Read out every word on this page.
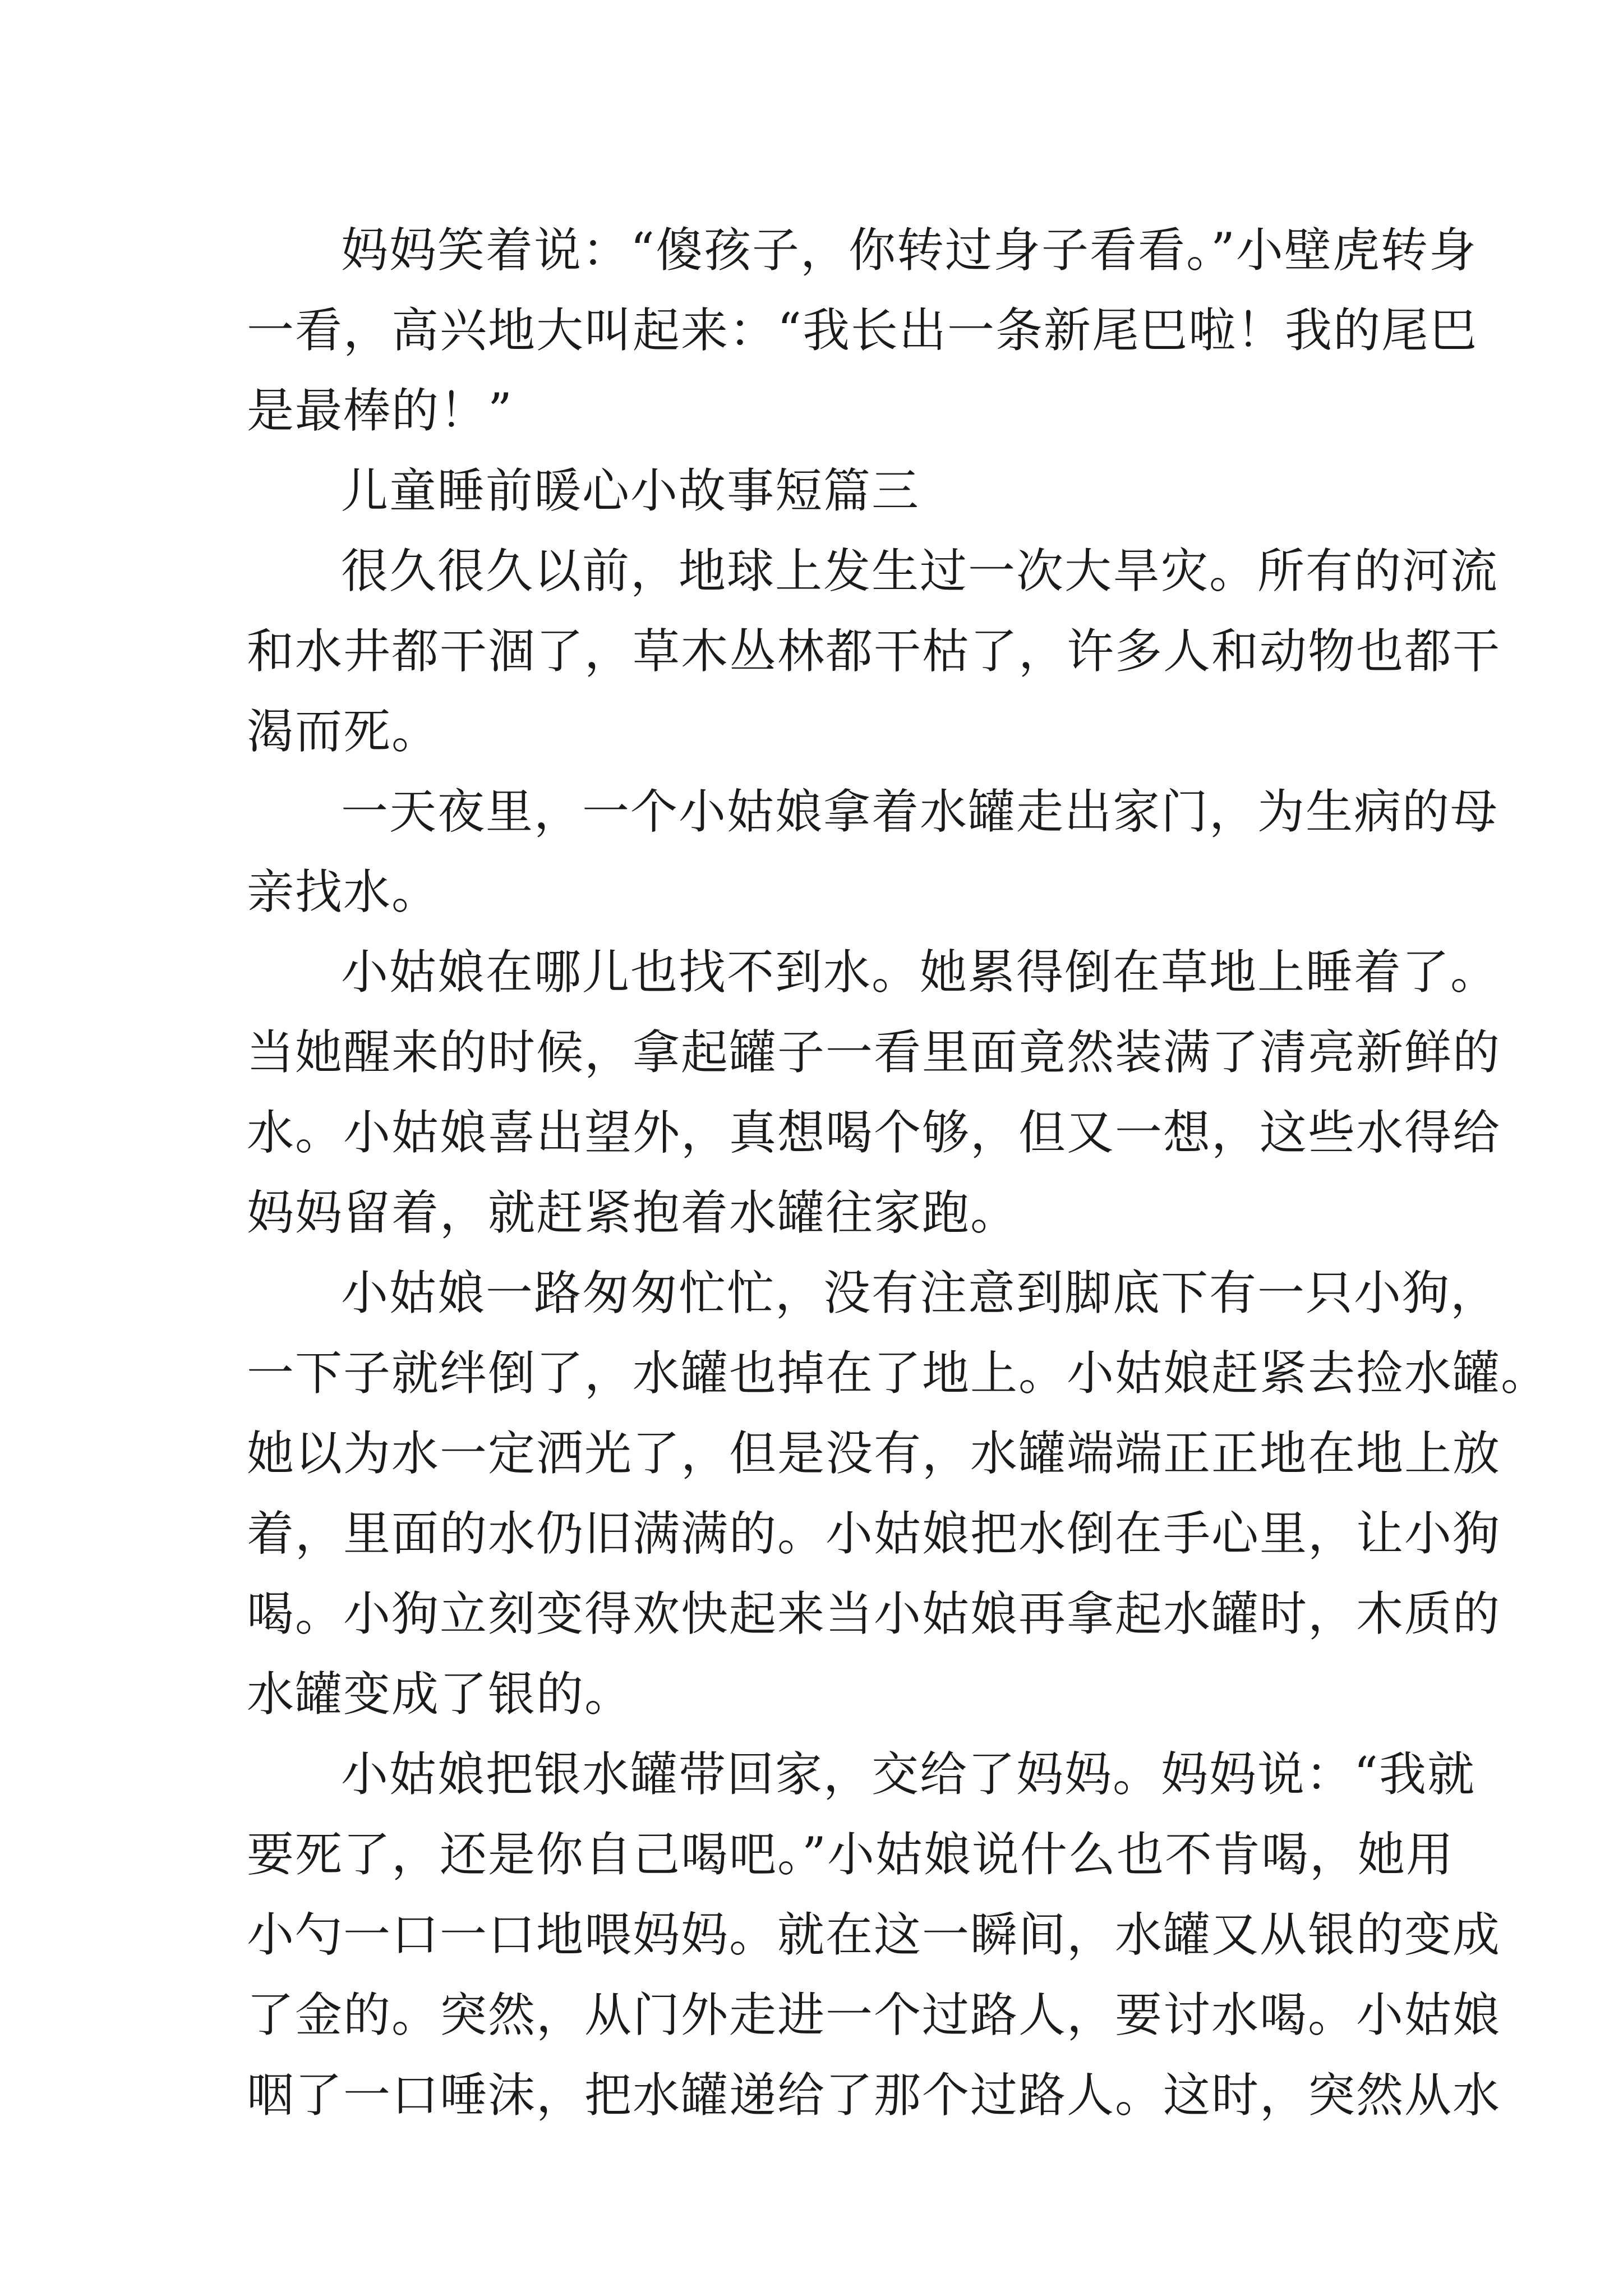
妈妈笑着说：“傻孩子，你转过身子看看。”小壁虎转身
一看，高兴地大叫起来：“我长出一条新尾巴啦！我的尾巴
是最棒的！”
儿童睡前暖心小故事短篇三
很久很久以前，地球上发生过一次大旱灾。所有的河流
和水井都干涸了，草木丛林都干枯了，许多人和动物也都干
渴而死。
一天夜里，一个小姑娘拿着水罐走出家门，为生病的母
亲找水。
小姑娘在哪儿也找不到水。她累得倒在草地上睡着了。
当她醒来的时候，拿起罐子一看里面竟然装满了清亮新鲜的
水。小姑娘喜出望外，真想喝个够，但又一想，这些水得给
妈妈留着，就赶紧抱着水罐往家跑。
小姑娘一路匆匆忙忙，没有注意到脚底下有一只小狗，
一下子就绊倒了，水罐也掉在了地上。小姑娘赶紧去捡水罐。
她以为水一定洒光了，但是没有，水罐端端正正地在地上放
着，里面的水仍旧满满的。小姑娘把水倒在手心里，让小狗
喝。小狗立刻变得欢快起来当小姑娘再拿起水罐时，木质的
水罐变成了银的。
小姑娘把银水罐带回家，交给了妈妈。妈妈说：“我就
要死了，还是你自己喝吧。”小姑娘说什么也不肯喝，她用
小勺一口一口地喂妈妈。就在这一瞬间，水罐又从银的变成
了金的。突然，从门外走进一个过路人，要讨水喝。小姑娘
咽了一口唾沫，把水罐递给了那个过路人。这时，突然从水
